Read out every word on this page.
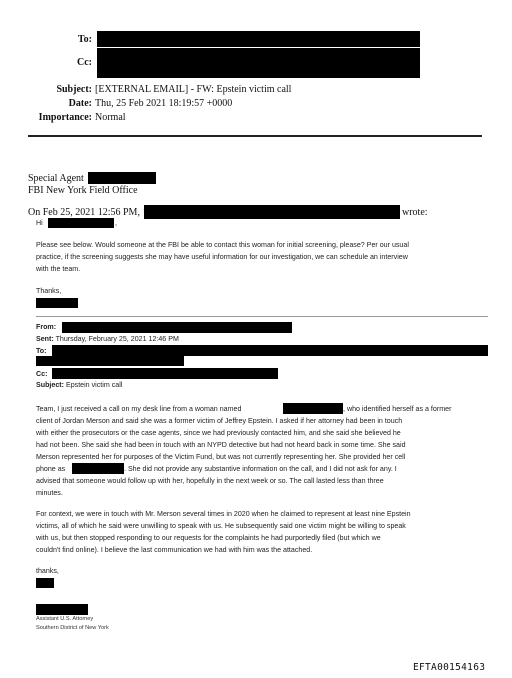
To:
Cc:
Subject: [EXTERNAL EMAIL] - FW: Epstein victim call
Date: Thu, 25 Feb 2021 18:19:57 +0000
Importance: Normal
Special Agent
FBI New York Field Office
On Feb 25, 2021 12:56 PM,	wrote:
Hi	,
Please see below. Would someone at the FBI be able to contact this woman for initial screening, please? Per our usual
practice, if the screening suggests she may have useful information for our investigation, we can schedule an interview
with the team.
Thanks,
From:
Sent: Thursday, February 25, 2021 12:46 PM
To:
Cc:
Subject: Epstein victim call
Team, I just received a call on my desk line from a woman named	, who identified herself as a former
client of Jordan Merson and said she was a former victim of Jeffrey Epstein. I asked if her attorney had been in touch
with either the prosecutors or the case agents, since we had previously contacted him, and she said she believed he
had not been. She said she had been in touch with an NYPD detective but had not heard back in some time. She said
Merson represented her for purposes of the Victim Fund, but was not currently representing her. She provided her cell
phone as	. She did not provide any substantive information on the call, and I did not ask for any. I
advised that someone would follow up with her, hopefully in the next week or so. The call lasted less than three
minutes.
For context, we were in touch with Mr. Merson several times in 2020 when he claimed to represent at least nine Epstein
victims, all of which he said were unwilling to speak with us. He subsequently said one victim might be willing to speak
with us, but then stopped responding to our requests for the complaints he had purportedly filed (but which we
couldn't find online). I believe the last communication we had with him was the attached.
thanks,
Assistant U.S. Attorney
Southern District of New York
EFTA00154163
